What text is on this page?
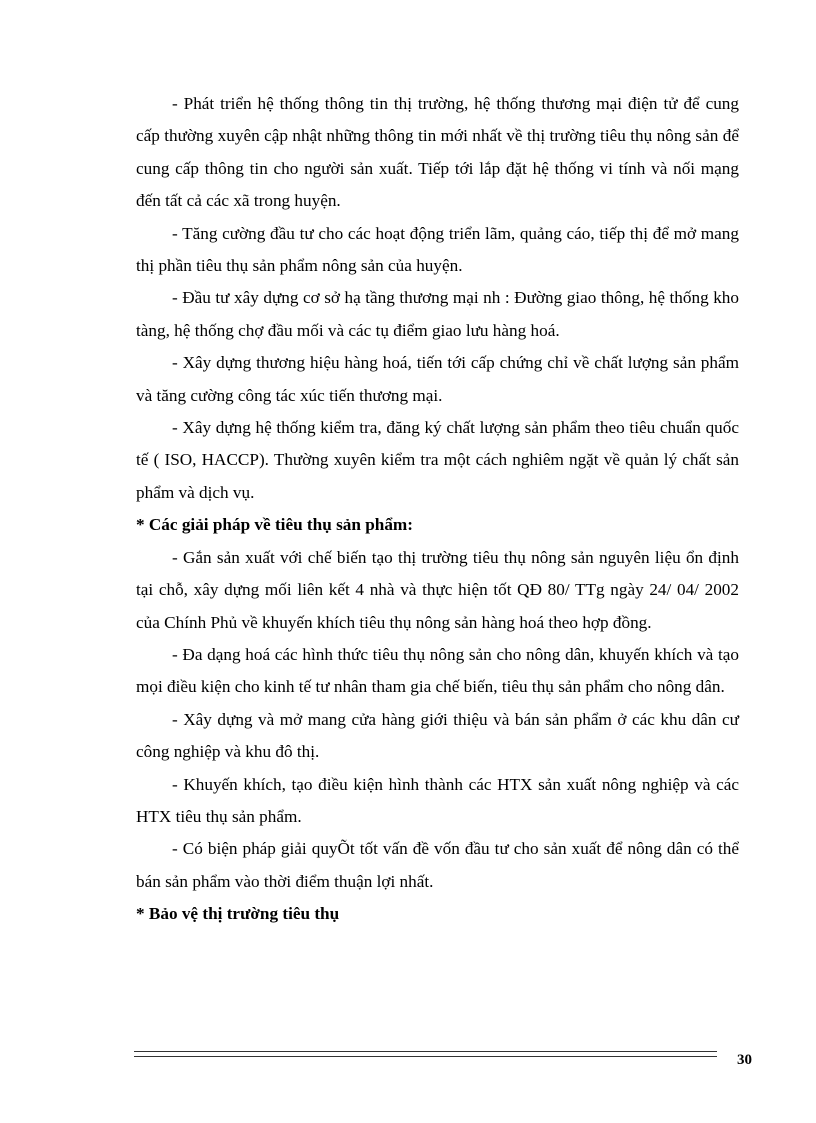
- Phát triển hệ thống thông tin thị trường, hệ thống thương mại điện tử để cung cấp thường xuyên cập nhật những thông tin mới nhất về thị trường tiêu thụ nông sản để cung cấp thông tin cho người sản xuất. Tiếp tới lắp đặt hệ thống vi tính và nối mạng đến tất cả các xã trong huyện.

- Tăng cường đầu tư cho các hoạt động triển lãm, quảng cáo, tiếp thị để mở mang thị phần tiêu thụ sản phẩm nông sản của huyện.

- Đầu tư xây dựng cơ sở hạ tầng thương mại nh : Đường giao thông, hệ thống kho tàng, hệ thống chợ đầu mối và các tụ điểm giao lưu hàng hoá.

- Xây dựng thương hiệu hàng hoá, tiến tới cấp chứng chỉ về chất lượng sản phẩm và tăng cường công tác xúc tiến thương mại.

- Xây dựng hệ thống kiểm tra, đăng ký chất lượng sản phẩm theo tiêu chuẩn quốc tế ( ISO, HACCP). Thường xuyên kiểm tra một cách nghiêm ngặt về quản lý chất sản phẩm và dịch vụ.

* Các giải pháp về tiêu thụ sản phẩm:

- Gắn sản xuất với chế biến tạo thị trường tiêu thụ nông sản nguyên liệu ổn định tại chỗ, xây dựng mối liên kết 4 nhà và thực hiện tốt QĐ 80/ TTg ngày 24/ 04/ 2002 của Chính Phủ về khuyến khích tiêu thụ nông sản hàng hoá theo hợp đồng.

- Đa dạng hoá các hình thức tiêu thụ nông sản cho nông dân, khuyến khích và tạo mọi điều kiện cho kinh tế tư nhân tham gia chế biến, tiêu thụ sản phẩm cho nông dân.

- Xây dựng và mở mang cửa hàng giới thiệu và bán sản phẩm ở các khu dân cư công nghiệp và khu đô thị.

- Khuyến khích, tạo điều kiện hình thành các HTX sản xuất nông nghiệp và các HTX tiêu thụ sản phẩm.

- Có biện pháp giải quyÕt tốt vấn đề vốn đầu tư cho sản xuất để nông dân có thể bán sản phẩm vào thời điểm thuận lợi nhất.

* Bảo vệ thị trường tiêu thụ

30
